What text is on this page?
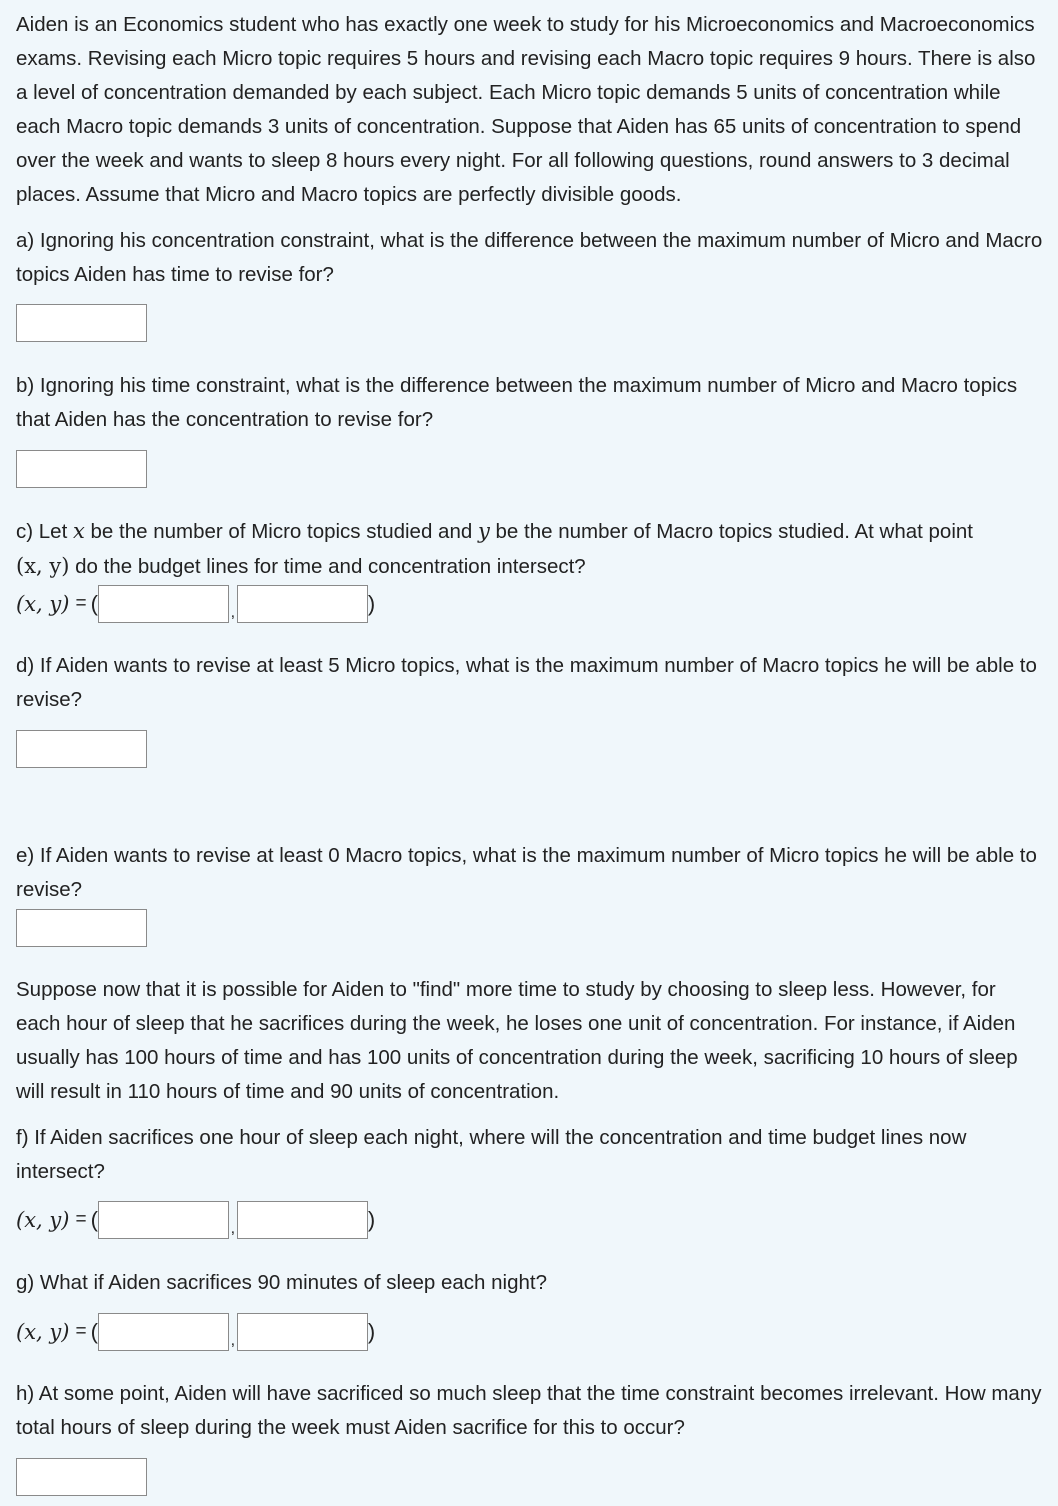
Aiden is an Economics student who has exactly one week to study for his Microeconomics and Macroeconomics exams. Revising each Micro topic requires 5 hours and revising each Macro topic requires 9 hours. There is also a level of concentration demanded by each subject. Each Micro topic demands 5 units of concentration while each Macro topic demands 3 units of concentration. Suppose that Aiden has 65 units of concentration to spend over the week and wants to sleep 8 hours every night. For all following questions, round answers to 3 decimal places. Assume that Micro and Macro topics are perfectly divisible goods.

a) Ignoring his concentration constraint, what is the difference between the maximum number of Micro and Macro topics Aiden has time to revise for?

b) Ignoring his time constraint, what is the difference between the maximum number of Micro and Macro topics that Aiden has the concentration to revise for?

c) Let x be the number of Micro topics studied and y be the number of Macro topics studied. At what point
(x, y) do the budget lines for time and concentration intersect?

(x, y) = (	,	)

d) If Aiden wants to revise at least 5 Micro topics, what is the maximum number of Macro topics he will be able to revise?

e) If Aiden wants to revise at least 0 Macro topics, what is the maximum number of Micro topics he will be able to revise?

Suppose now that it is possible for Aiden to "find" more time to study by choosing to sleep less. However, for each hour of sleep that he sacrifices during the week, he loses one unit of concentration. For instance, if Aiden usually has 100 hours of time and has 100 units of concentration during the week, sacrificing 10 hours of sleep will result in 110 hours of time and 90 units of concentration.

f) If Aiden sacrifices one hour of sleep each night, where will the concentration and time budget lines now intersect?

(x, y) = (	,	)

g) What if Aiden sacrifices 90 minutes of sleep each night?

(x, y) = (	,	)

h) At some point, Aiden will have sacrificed so much sleep that the time constraint becomes irrelevant. How many total hours of sleep during the week must Aiden sacrifice for this to occur?
